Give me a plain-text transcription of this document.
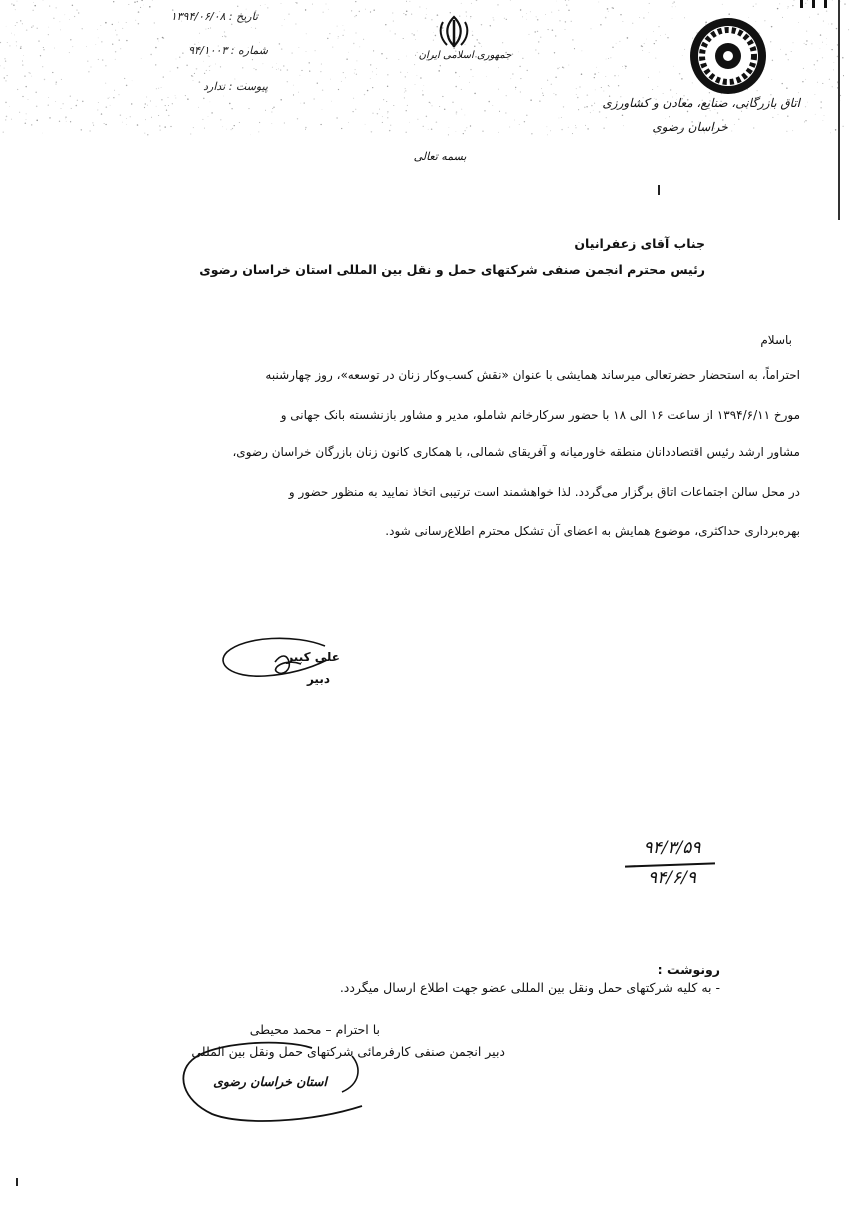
تاریخ : ۱۳۹۴/۰۶/۰۸
شماره : ۹۴/۱۰۰۳
پیوست : ندارد
جمهوری اسلامی ایران
اتاق بازرگانی، صنایع، معادن و کشاورزی
خراسان رضوی
بسمه تعالی
جناب آقای زعفرانیان
رئیس محترم انجمن صنفی شرکتهای حمل و نقل بین المللی استان خراسان رضوی
باسلام
احتراماً، به استحضار حضرتعالی میرساند همایشی با عنوان «نقش کسب‌وکار زنان در توسعه»، روز چهارشنبه
مورخ ۱۳۹۴/۶/۱۱ از ساعت ۱۶ الی ۱۸ با حضور سرکارخانم شاملو، مدیر و مشاور بازنشسته بانک جهانی و
مشاور ارشد رئیس اقتصاددانان منطقه خاورمیانه و آفریقای شمالی، با همکاری کانون زنان بازرگان خراسان رضوی،
در محل سالن اجتماعات اتاق برگزار می‌گردد. لذا خواهشمند است ترتیبی اتخاذ نمایید به منظور حضور و
بهره‌برداری حداکثری، موضوع همایش به اعضای آن تشکل محترم اطلاع‌رسانی شود.
علی کبیر
دبیر
۹۴/۳/۵۹
۹۴/۶/۹
رونوشت :
- به کلیه شرکتهای حمل ونقل بین المللی عضو جهت اطلاع ارسال میگردد.
با احترام – محمد محیطی
دبیر انجمن صنفی کارفرمائی شرکتهای حمل ونقل بین المللی
استان خراسان رضوی
